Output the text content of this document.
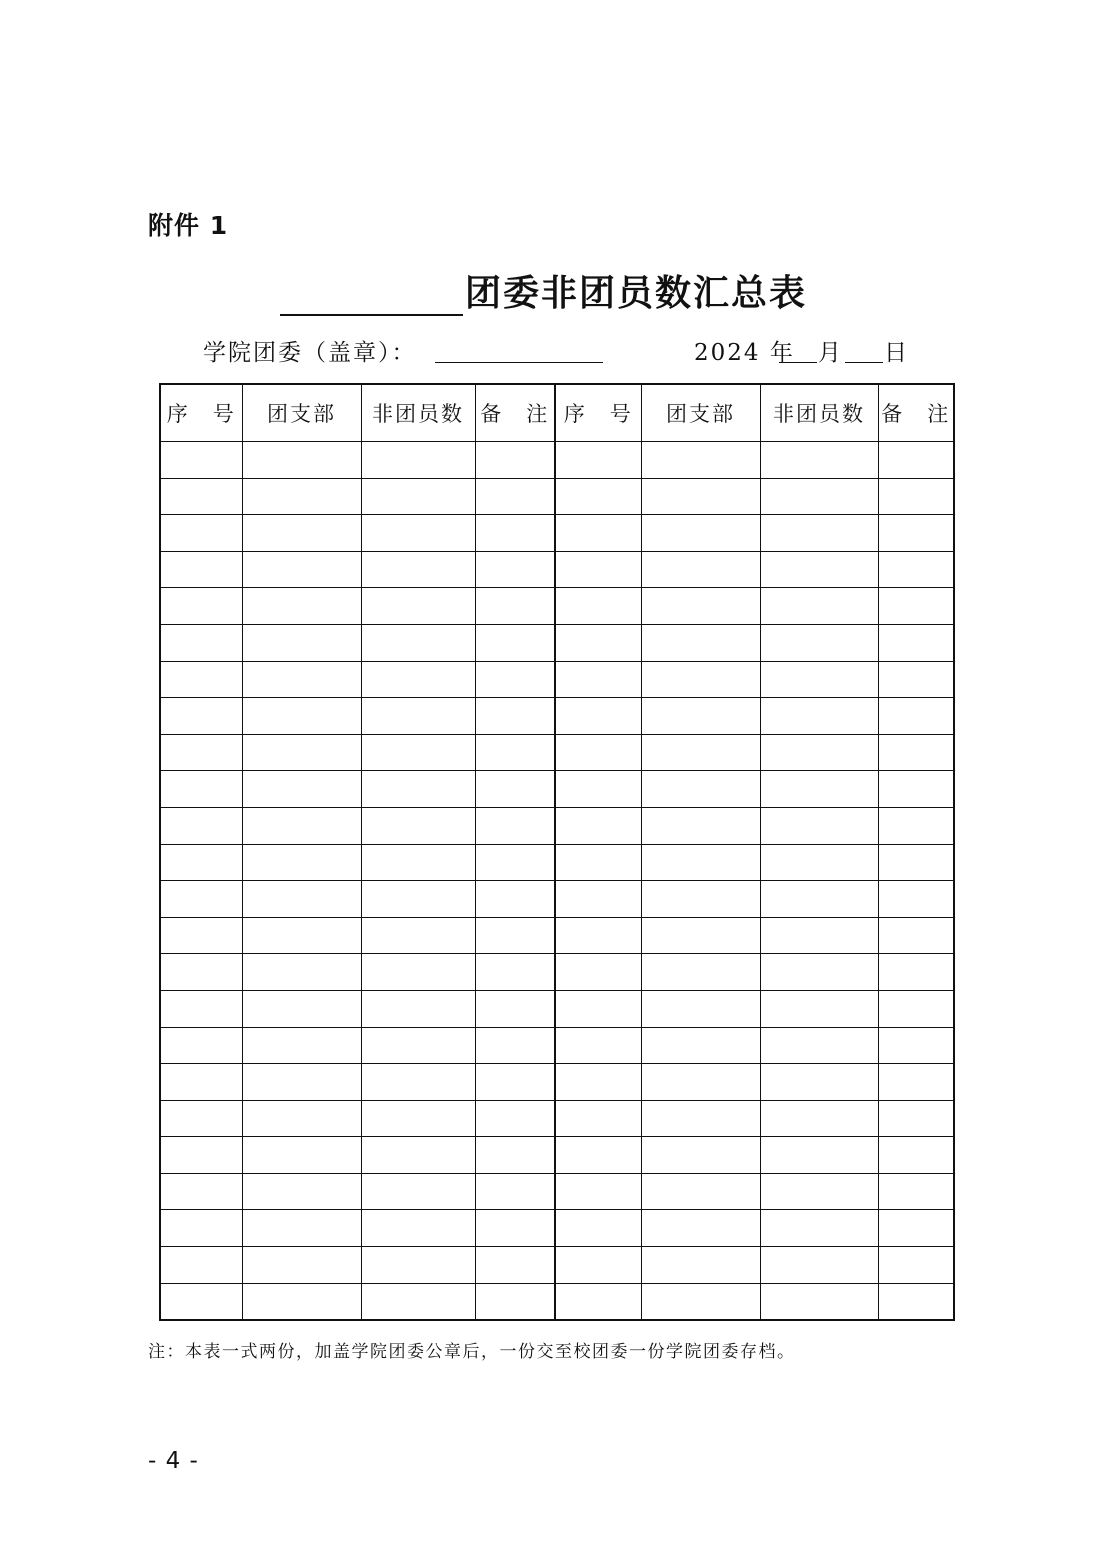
附件 1
团委非团员数汇总表
学院团委（盖章）：	2024 年 月 日
序　号	团支部	非团员数	备　注	序　号	团支部	非团员数	备　注

注：本表一式两份，加盖学院团委公章后，一份交至校团委一份学院团委存档。
- 4 -
